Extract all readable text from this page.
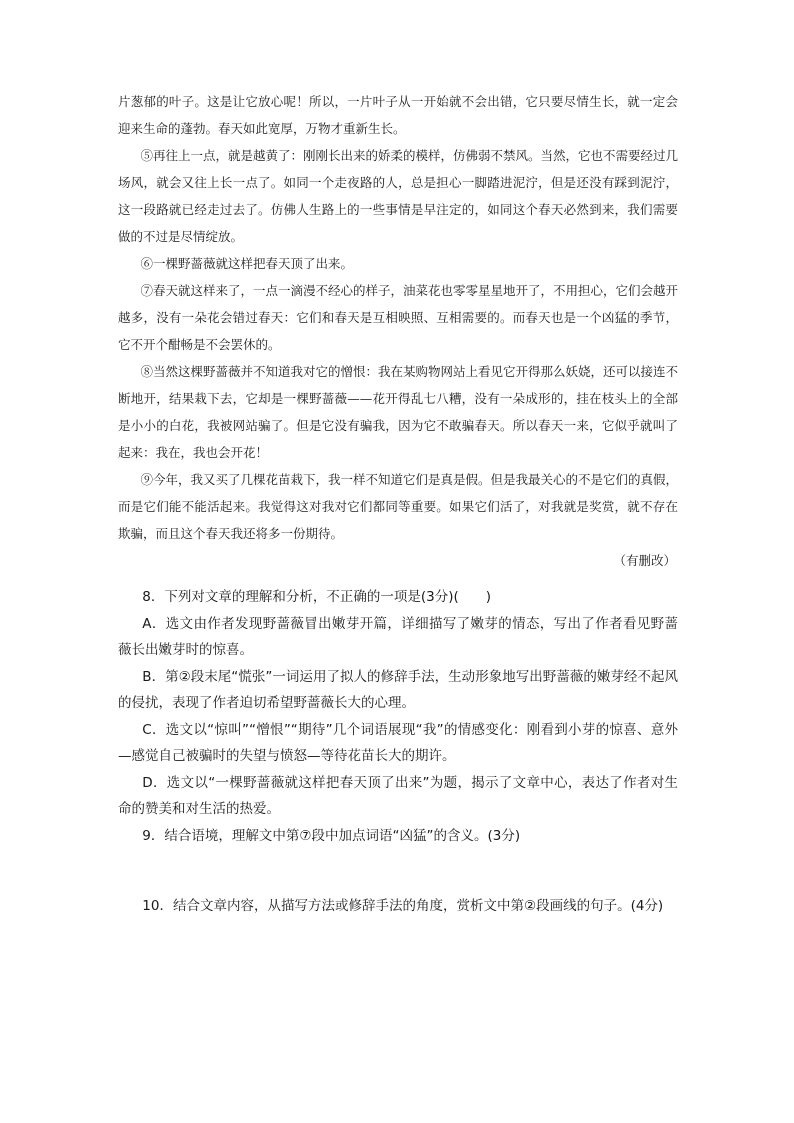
片葱郁的叶子。这是让它放心呢！所以，一片叶子从一开始就不会出错，它只要尽情生长，就一定会迎来生命的蓬勃。春天如此宽厚，万物才重新生长。

⑤再往上一点，就是越黄了：刚刚长出来的娇柔的模样，仿佛弱不禁风。当然，它也不需要经过几场风，就会又往上长一点了。如同一个走夜路的人，总是担心一脚踏进泥泞，但是还没有踩到泥泞，这一段路就已经走过去了。仿佛人生路上的一些事情是早注定的，如同这个春天必然到来，我们需要做的不过是尽情绽放。

⑥一棵野蔷薇就这样把春天顶了出来。

⑦春天就这样来了，一点一滴漫不经心的样子，油菜花也零零星星地开了，不用担心，它们会越开越多，没有一朵花会错过春天：它们和春天是互相映照、互相需要的。而春天也是一个凶猛的季节，它不开个酣畅是不会罢休的。

⑧当然这棵野蔷薇并不知道我对它的憎恨：我在某购物网站上看见它开得那么妖娆，还可以接连不断地开，结果栽下去，它却是一棵野蔷薇——花开得乱七八糟，没有一朵成形的，挂在枝头上的全部是小小的白花，我被网站骗了。但是它没有骗我，因为它不敢骗春天。所以春天一来，它似乎就叫了起来：我在，我也会开花！

⑨今年，我又买了几棵花苗栽下，我一样不知道它们是真是假。但是我最关心的不是它们的真假，而是它们能不能活起来。我觉得这对我对它们都同等重要。如果它们活了，对我就是奖赏，就不存在欺骗，而且这个春天我还将多一份期待。

（有删改）

8．下列对文章的理解和分析，不正确的一项是(3分)(　　)

A．选文由作者发现野蔷薇冒出嫩芽开篇，详细描写了嫩芽的情态，写出了作者看见野蔷薇长出嫩芽时的惊喜。

B．第②段末尾“慌张”一词运用了拟人的修辞手法，生动形象地写出野蔷薇的嫩芽经不起风的侵扰，表现了作者迫切希望野蔷薇长大的心理。

C．选文以“惊叫”“憎恨”“期待”几个词语展现“我”的情感变化：刚看到小芽的惊喜、意外—感觉自己被骗时的失望与愤怒—等待花苗长大的期许。

D．选文以“一棵野蔷薇就这样把春天顶了出来”为题，揭示了文章中心，表达了作者对生命的赞美和对生活的热爱。

9．结合语境，理解文中第⑦段中加点词语“凶猛”的含义。(3分)

10．结合文章内容，从描写方法或修辞手法的角度，赏析文中第②段画线的句子。(4分)
